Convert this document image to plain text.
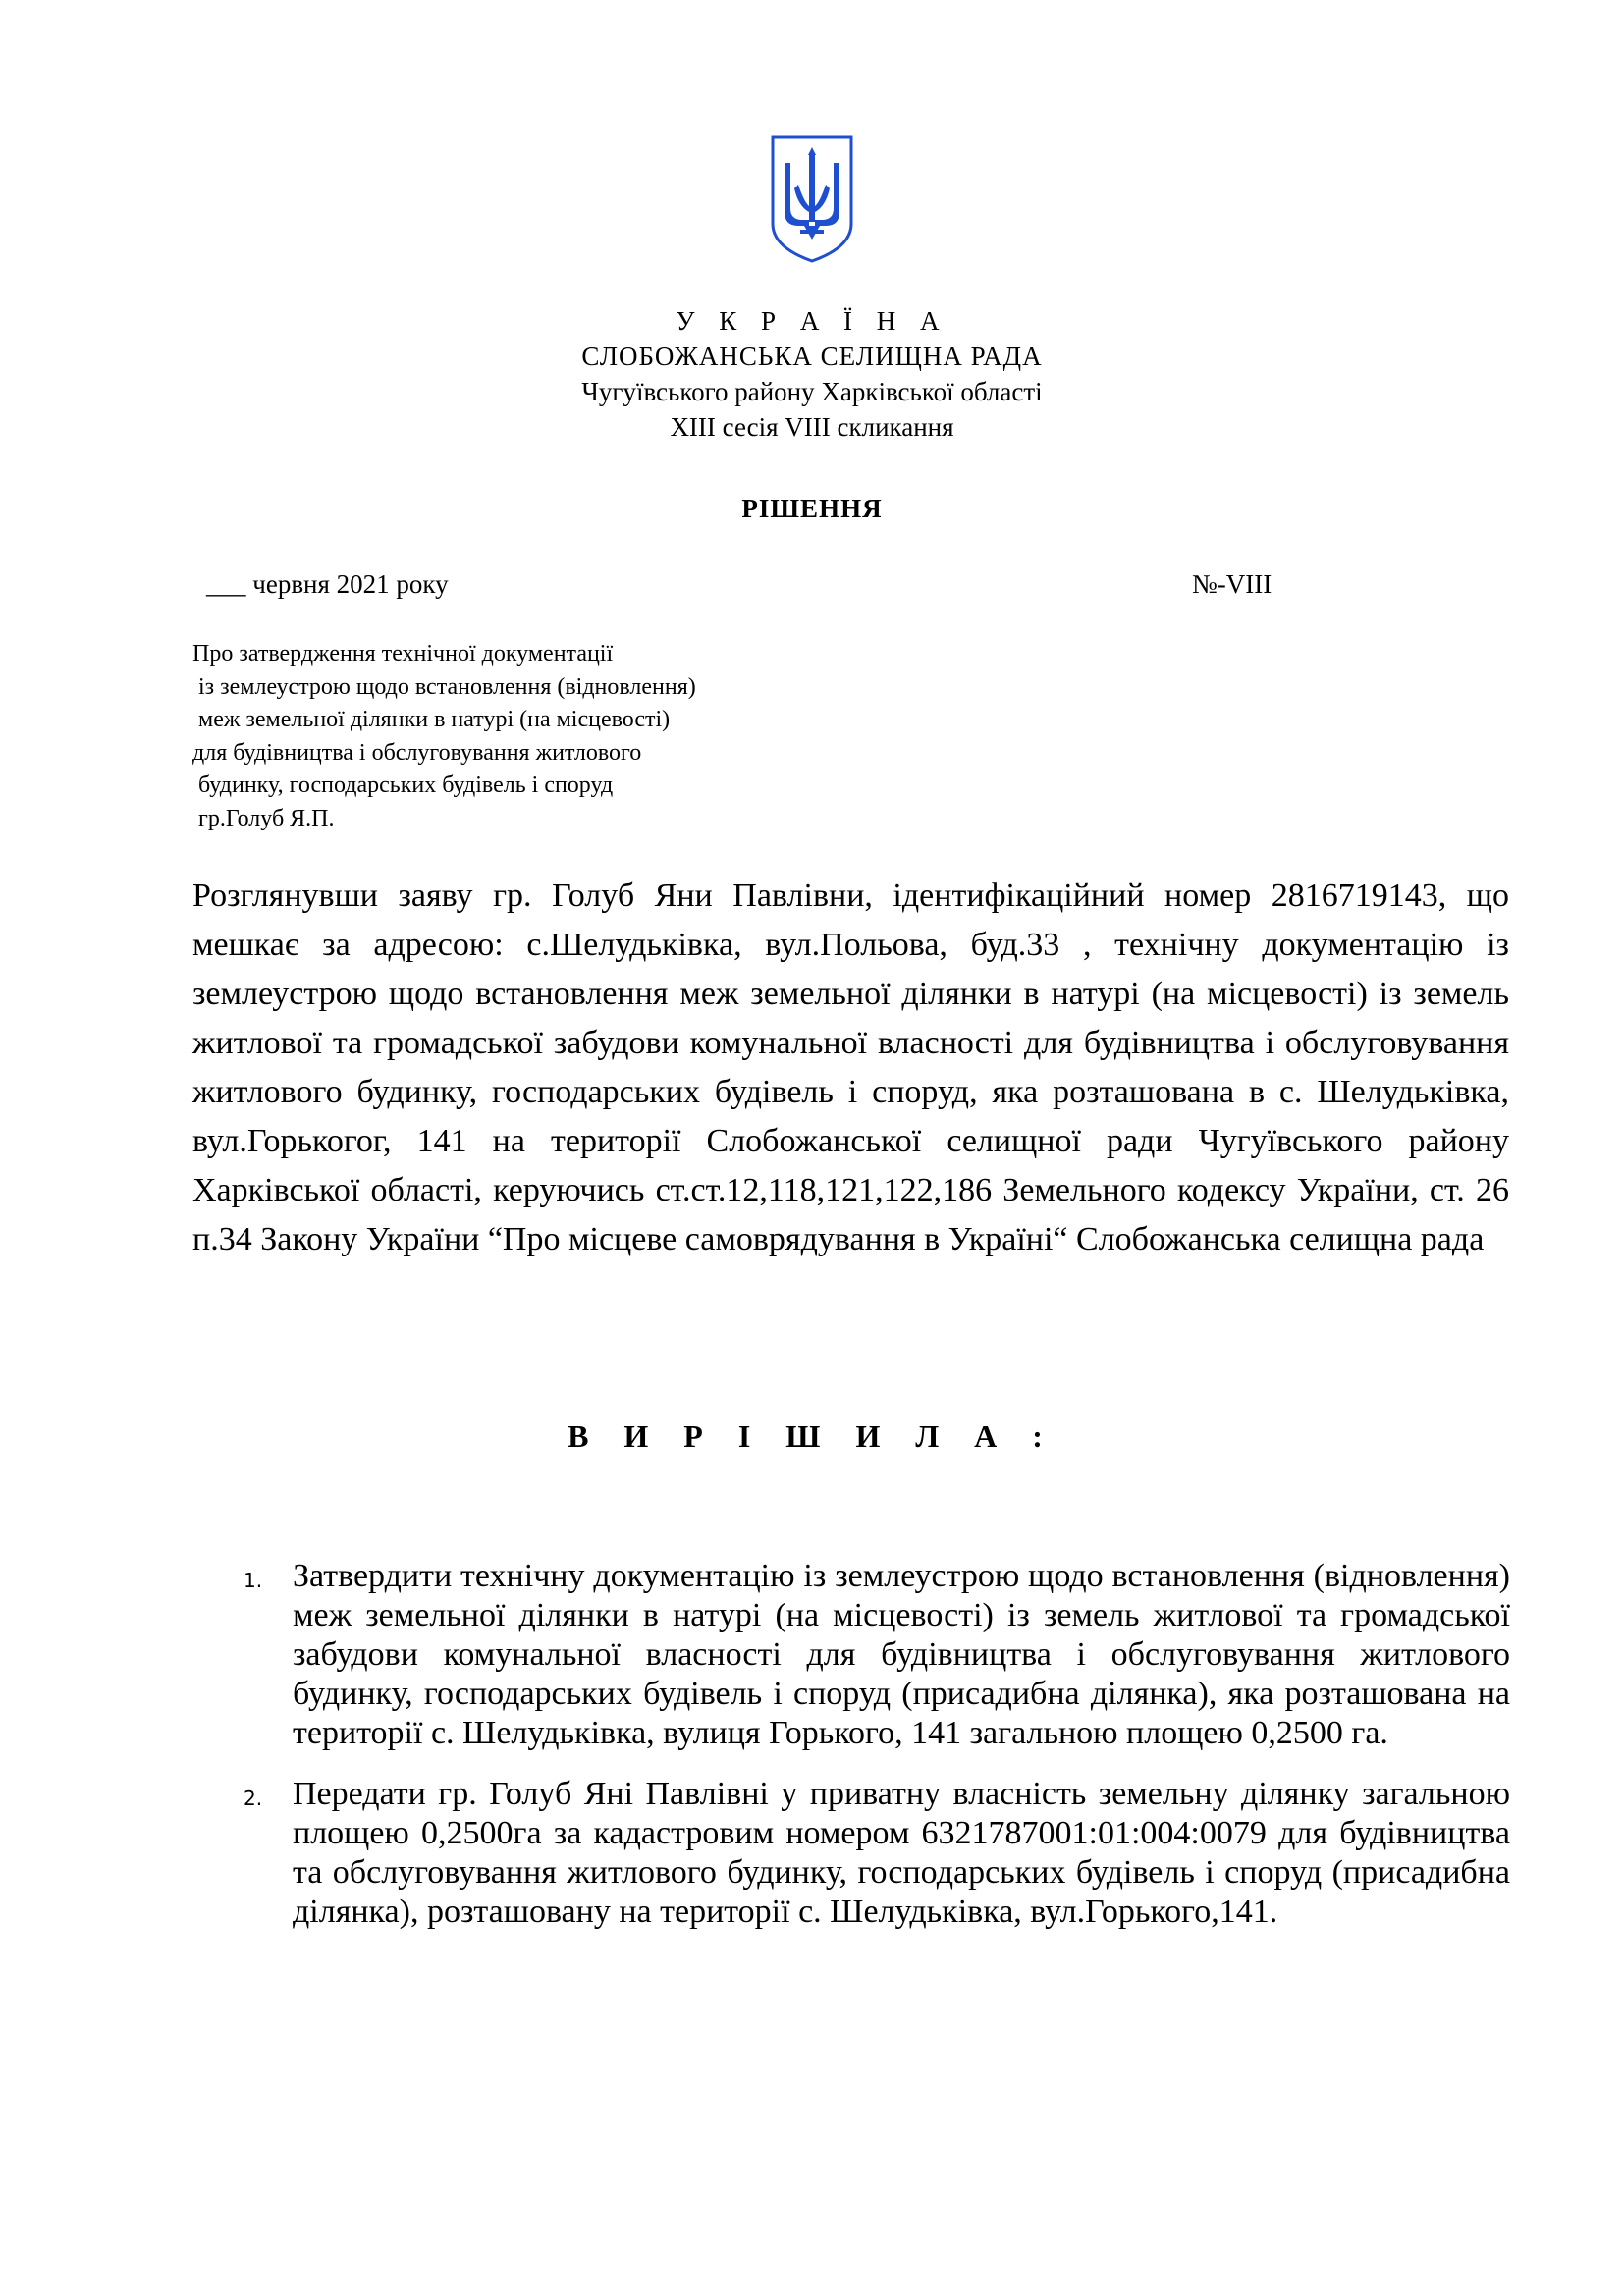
У К Р А Ї Н А
СЛОБОЖАНСЬКА СЕЛИЩНА РАДА
Чугуївського району Харківської області
XIII сесія VIII скликання
РІШЕННЯ
___ червня 2021 року	№-VIII
Про затвердження технічної документації
із землеустрою щодо встановлення (відновлення)
меж земельної ділянки в натурі (на місцевості)
для будівництва і обслуговування житлового
будинку, господарських будівель і споруд
гр.Голуб Я.П.
Розглянувши заяву гр. Голуб Яни Павлівни, ідентифікаційний номер 2816719143, що мешкає за адресою: с.Шелудьківка, вул.Польова, буд.33 , технічну документацію із землеустрою щодо встановлення меж земельної ділянки в натурі (на місцевості) із земель житлової та громадської забудови комунальної власності для будівництва і обслуговування житлового будинку, господарських будівель і споруд, яка розташована в с. Шелудьківка, вул.Горькогог, 141 на території Слобожанської селищної ради Чугуївського району Харківської області, керуючись ст.ст.12,118,121,122,186 Земельного кодексу України, ст. 26 п.34 Закону України “Про місцеве самоврядування в Україні“ Слобожанська селищна рада
В И Р І Ш И Л А :
1. Затвердити технічну документацію із землеустрою щодо встановлення (відновлення) меж земельної ділянки в натурі (на місцевості) із земель житлової та громадської забудови комунальної власності для будівництва і обслуговування житлового будинку, господарських будівель і споруд (присадибна ділянка), яка розташована на території с. Шелудьківка, вулиця Горького, 141 загальною площею 0,2500 га.
2. Передати гр. Голуб Яні Павлівні у приватну власність земельну ділянку загальною площею 0,2500га за кадастровим номером 6321787001:01:004:0079 для будівництва та обслуговування житлового будинку, господарських будівель і споруд (присадибна ділянка), розташовану на території с. Шелудьківка, вул.Горького,141.
